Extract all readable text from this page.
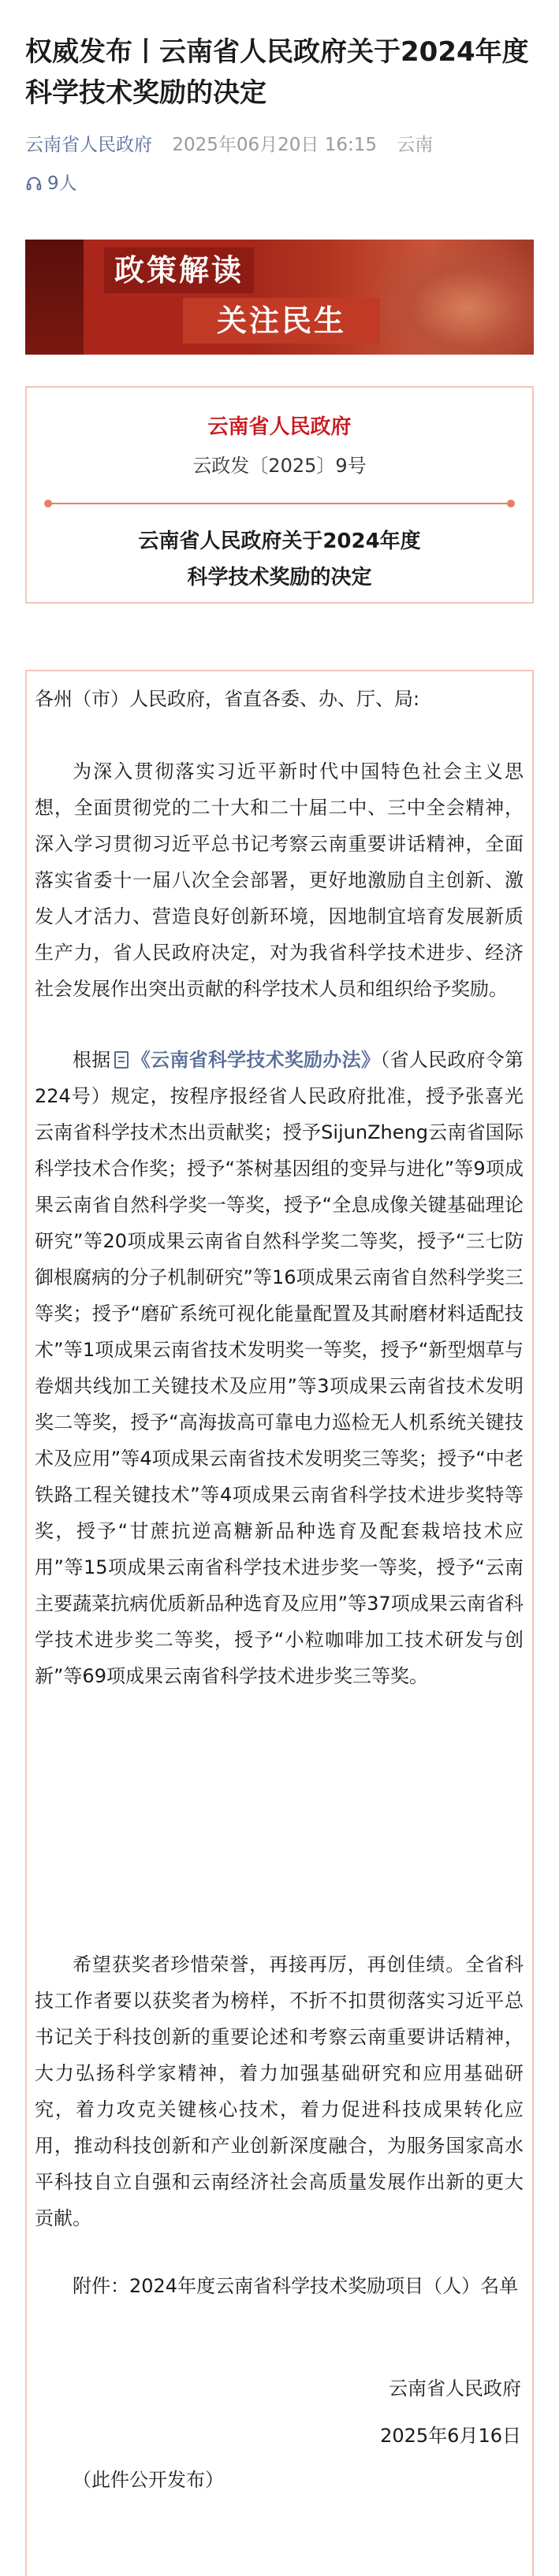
权威发布丨云南省人民政府关于2024年度科学技术奖励的决定
云南省人民政府 2025年06月20日 16:15 云南
9人
政策解读
关注民生
云南省人民政府
云政发〔2025〕9号
云南省人民政府关于2024年度
科学技术奖励的决定

各州（市）人民政府，省直各委、办、厅、局:

为深入贯彻落实习近平新时代中国特色社会主义思想，全面贯彻党的二十大和二十届二中、三中全会精神，深入学习贯彻习近平总书记考察云南重要讲话精神，全面落实省委十一届八次全会部署，更好地激励自主创新、激发人才活力、营造良好创新环境，因地制宜培育发展新质生产力，省人民政府决定，对为我省科学技术进步、经济社会发展作出突出贡献的科学技术人员和组织给予奖励。

根据 《云南省科学技术奖励办法》（省人民政府令第224号）规定，按程序报经省人民政府批准，授予张喜光云南省科学技术杰出贡献奖；授予SijunZheng云南省国际科学技术合作奖；授予“茶树基因组的变异与进化”等9项成果云南省自然科学奖一等奖，授予“全息成像关键基础理论研究”等20项成果云南省自然科学奖二等奖，授予“三七防御根腐病的分子机制研究”等16项成果云南省自然科学奖三等奖；授予“磨矿系统可视化能量配置及其耐磨材料适配技术”等1项成果云南省技术发明奖一等奖，授予“新型烟草与卷烟共线加工关键技术及应用”等3项成果云南省技术发明奖二等奖，授予“高海拔高可靠电力巡检无人机系统关键技术及应用”等4项成果云南省技术发明奖三等奖；授予“中老铁路工程关键技术”等4项成果云南省科学技术进步奖特等奖，授予“甘蔗抗逆高糖新品种选育及配套栽培技术应用”等15项成果云南省科学技术进步奖一等奖，授予“云南主要蔬菜抗病优质新品种选育及应用”等37项成果云南省科学技术进步奖二等奖，授予“小粒咖啡加工技术研发与创新”等69项成果云南省科学技术进步奖三等奖。

希望获奖者珍惜荣誉，再接再厉，再创佳绩。全省科技工作者要以获奖者为榜样，不折不扣贯彻落实习近平总书记关于科技创新的重要论述和考察云南重要讲话精神，大力弘扬科学家精神，着力加强基础研究和应用基础研究，着力攻克关键核心技术，着力促进科技成果转化应用，推动科技创新和产业创新深度融合，为服务国家高水平科技自立自强和云南经济社会高质量发展作出新的更大贡献。

附件：2024年度云南省科学技术奖励项目（人）名单

云南省人民政府
2025年6月16日
（此件公开发布）
